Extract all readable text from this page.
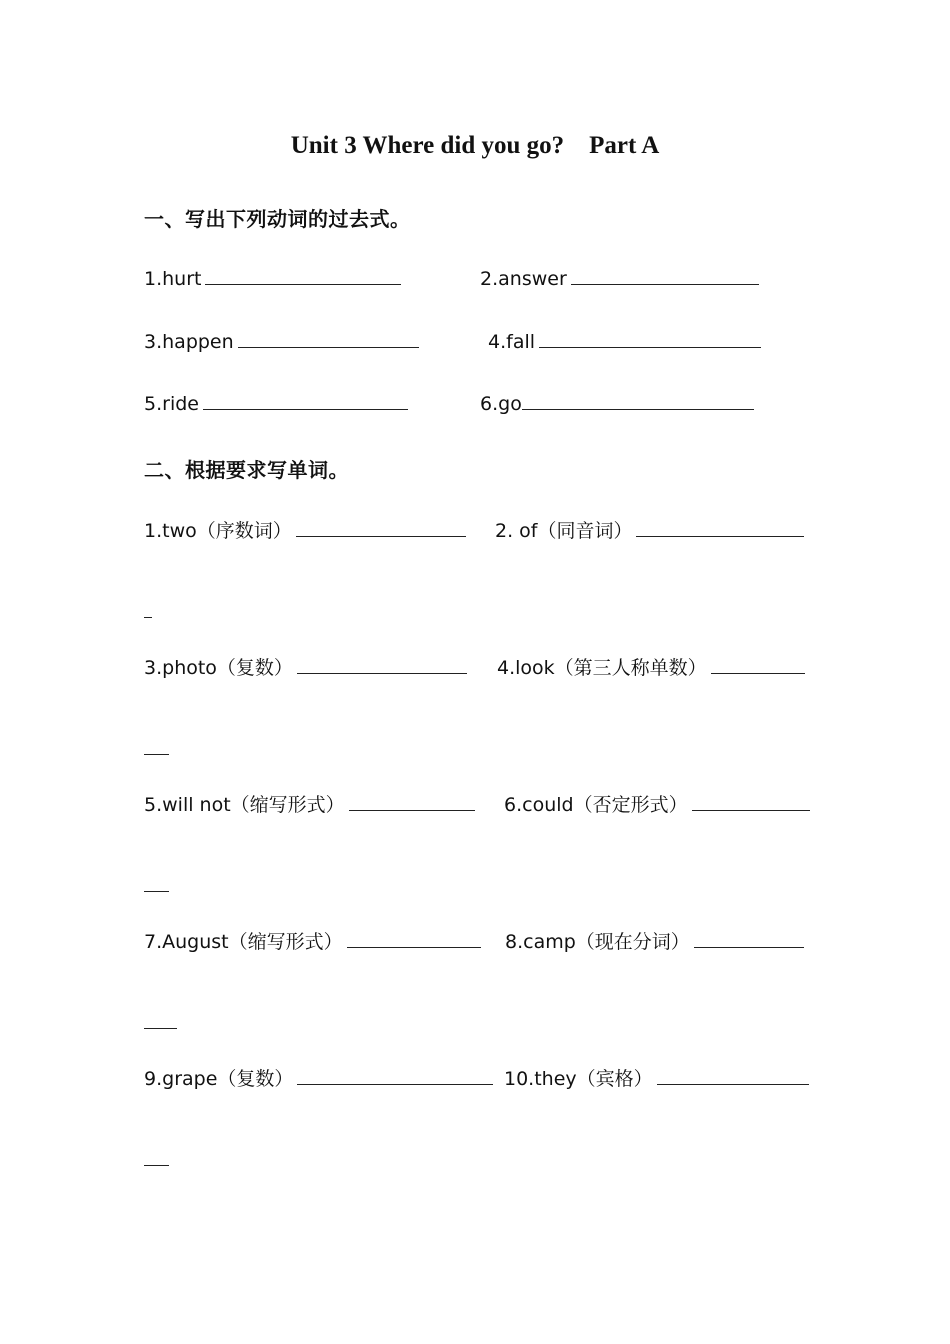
Unit 3 Where did you go?    Part A
一、写出下列动词的过去式。
1.hurt	2.answer
3.happen	4.fall
5.ride	6.go
二、根据要求写单词。
1.two（序数词）	2. of（同音词）
3.photo（复数）	4.look（第三人称单数）
5.will not（缩写形式）	6.could（否定形式）
7.August（缩写形式）	8.camp（现在分词）
9.grape（复数）	10.they（宾格）
